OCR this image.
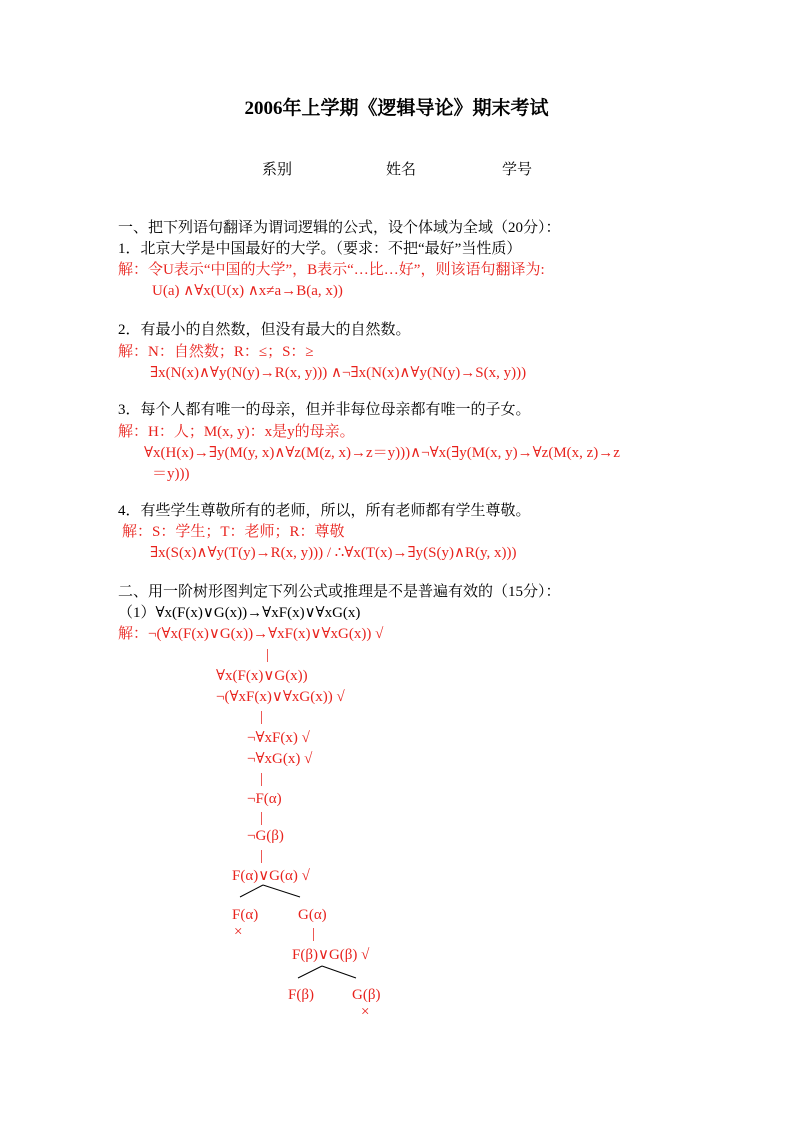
2006年上学期《逻辑导论》期末考试
系别	姓名	学号
一、把下列语句翻译为谓词逻辑的公式，设个体域为全域（20分）：
1．北京大学是中国最好的大学。（要求：不把“最好”当性质）
解：令U表示“中国的大学”，B表示“…比…好”，则该语句翻译为:
U(a) ∧∀x(U(x) ∧x≠a→B(a, x))
2．有最小的自然数，但没有最大的自然数。
解：N：自然数；R：≤；S：≥
∃x(N(x)∧∀y(N(y)→R(x, y))) ∧¬∃x(N(x)∧∀y(N(y)→S(x, y)))
3．每个人都有唯一的母亲，但并非每位母亲都有唯一的子女。
解：H：人；M(x, y)：x是y的母亲。
∀x(H(x)→∃y(M(y, x)∧∀z(M(z, x)→z＝y)))∧¬∀x(∃y(M(x, y)→∀z(M(x, z)→z
＝y)))
4．有些学生尊敬所有的老师，所以，所有老师都有学生尊敬。
解：S：学生；T：老师；R：尊敬
∃x(S(x)∧∀y(T(y)→R(x, y))) / ∴∀x(T(x)→∃y(S(y)∧R(y, x)))
二、用一阶树形图判定下列公式或推理是不是普遍有效的（15分）：
（1）∀x(F(x)∨G(x))→∀xF(x)∨∀xG(x)
解：¬(∀x(F(x)∨G(x))→∀xF(x)∨∀xG(x)) √
|
∀x(F(x)∨G(x))
¬(∀xF(x)∨∀xG(x)) √
|
¬∀xF(x) √
¬∀xG(x) √
|
¬F(α)
|
¬G(β)
|
F(α)∨G(α) √
F(α)
×
G(α)
|
F(β)∨G(β) √
F(β)	G(β)
×
